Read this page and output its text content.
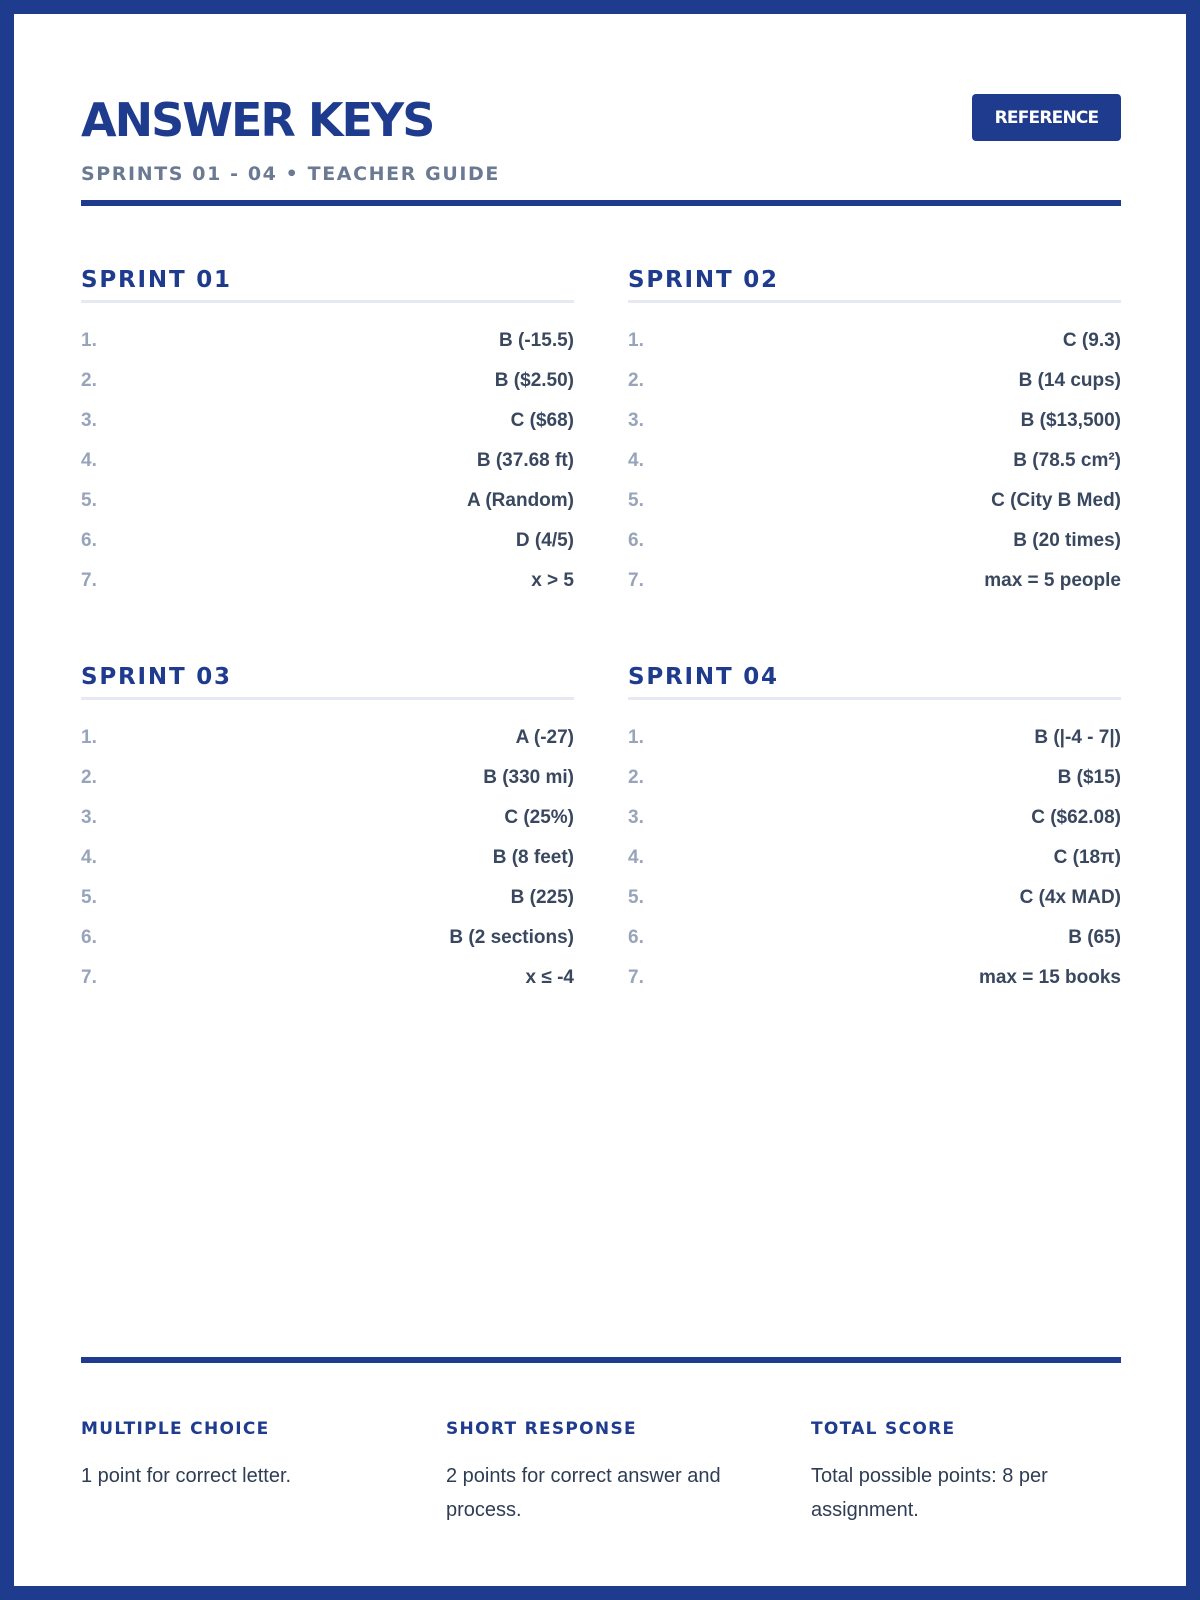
ANSWER KEYS
SPRINTS 01 - 04 • TEACHER GUIDE
REFERENCE
SPRINT 01
1.	B (-15.5)
2.	B ($2.50)
3.	C ($68)
4.	B (37.68 ft)
5.	A (Random)
6.	D (4/5)
7.	x > 5
SPRINT 02
1.	C (9.3)
2.	B (14 cups)
3.	B ($13,500)
4.	B (78.5 cm²)
5.	C (City B Med)
6.	B (20 times)
7.	max = 5 people
SPRINT 03
1.	A (-27)
2.	B (330 mi)
3.	C (25%)
4.	B (8 feet)
5.	B (225)
6.	B (2 sections)
7.	x ≤ -4
SPRINT 04
1.	B (|-4 - 7|)
2.	B ($15)
3.	C ($62.08)
4.	C (18π)
5.	C (4x MAD)
6.	B (65)
7.	max = 15 books
MULTIPLE CHOICE

1 point for correct letter.

SHORT RESPONSE

2 points for correct answer and process.

TOTAL SCORE

Total possible points: 8 per assignment.
